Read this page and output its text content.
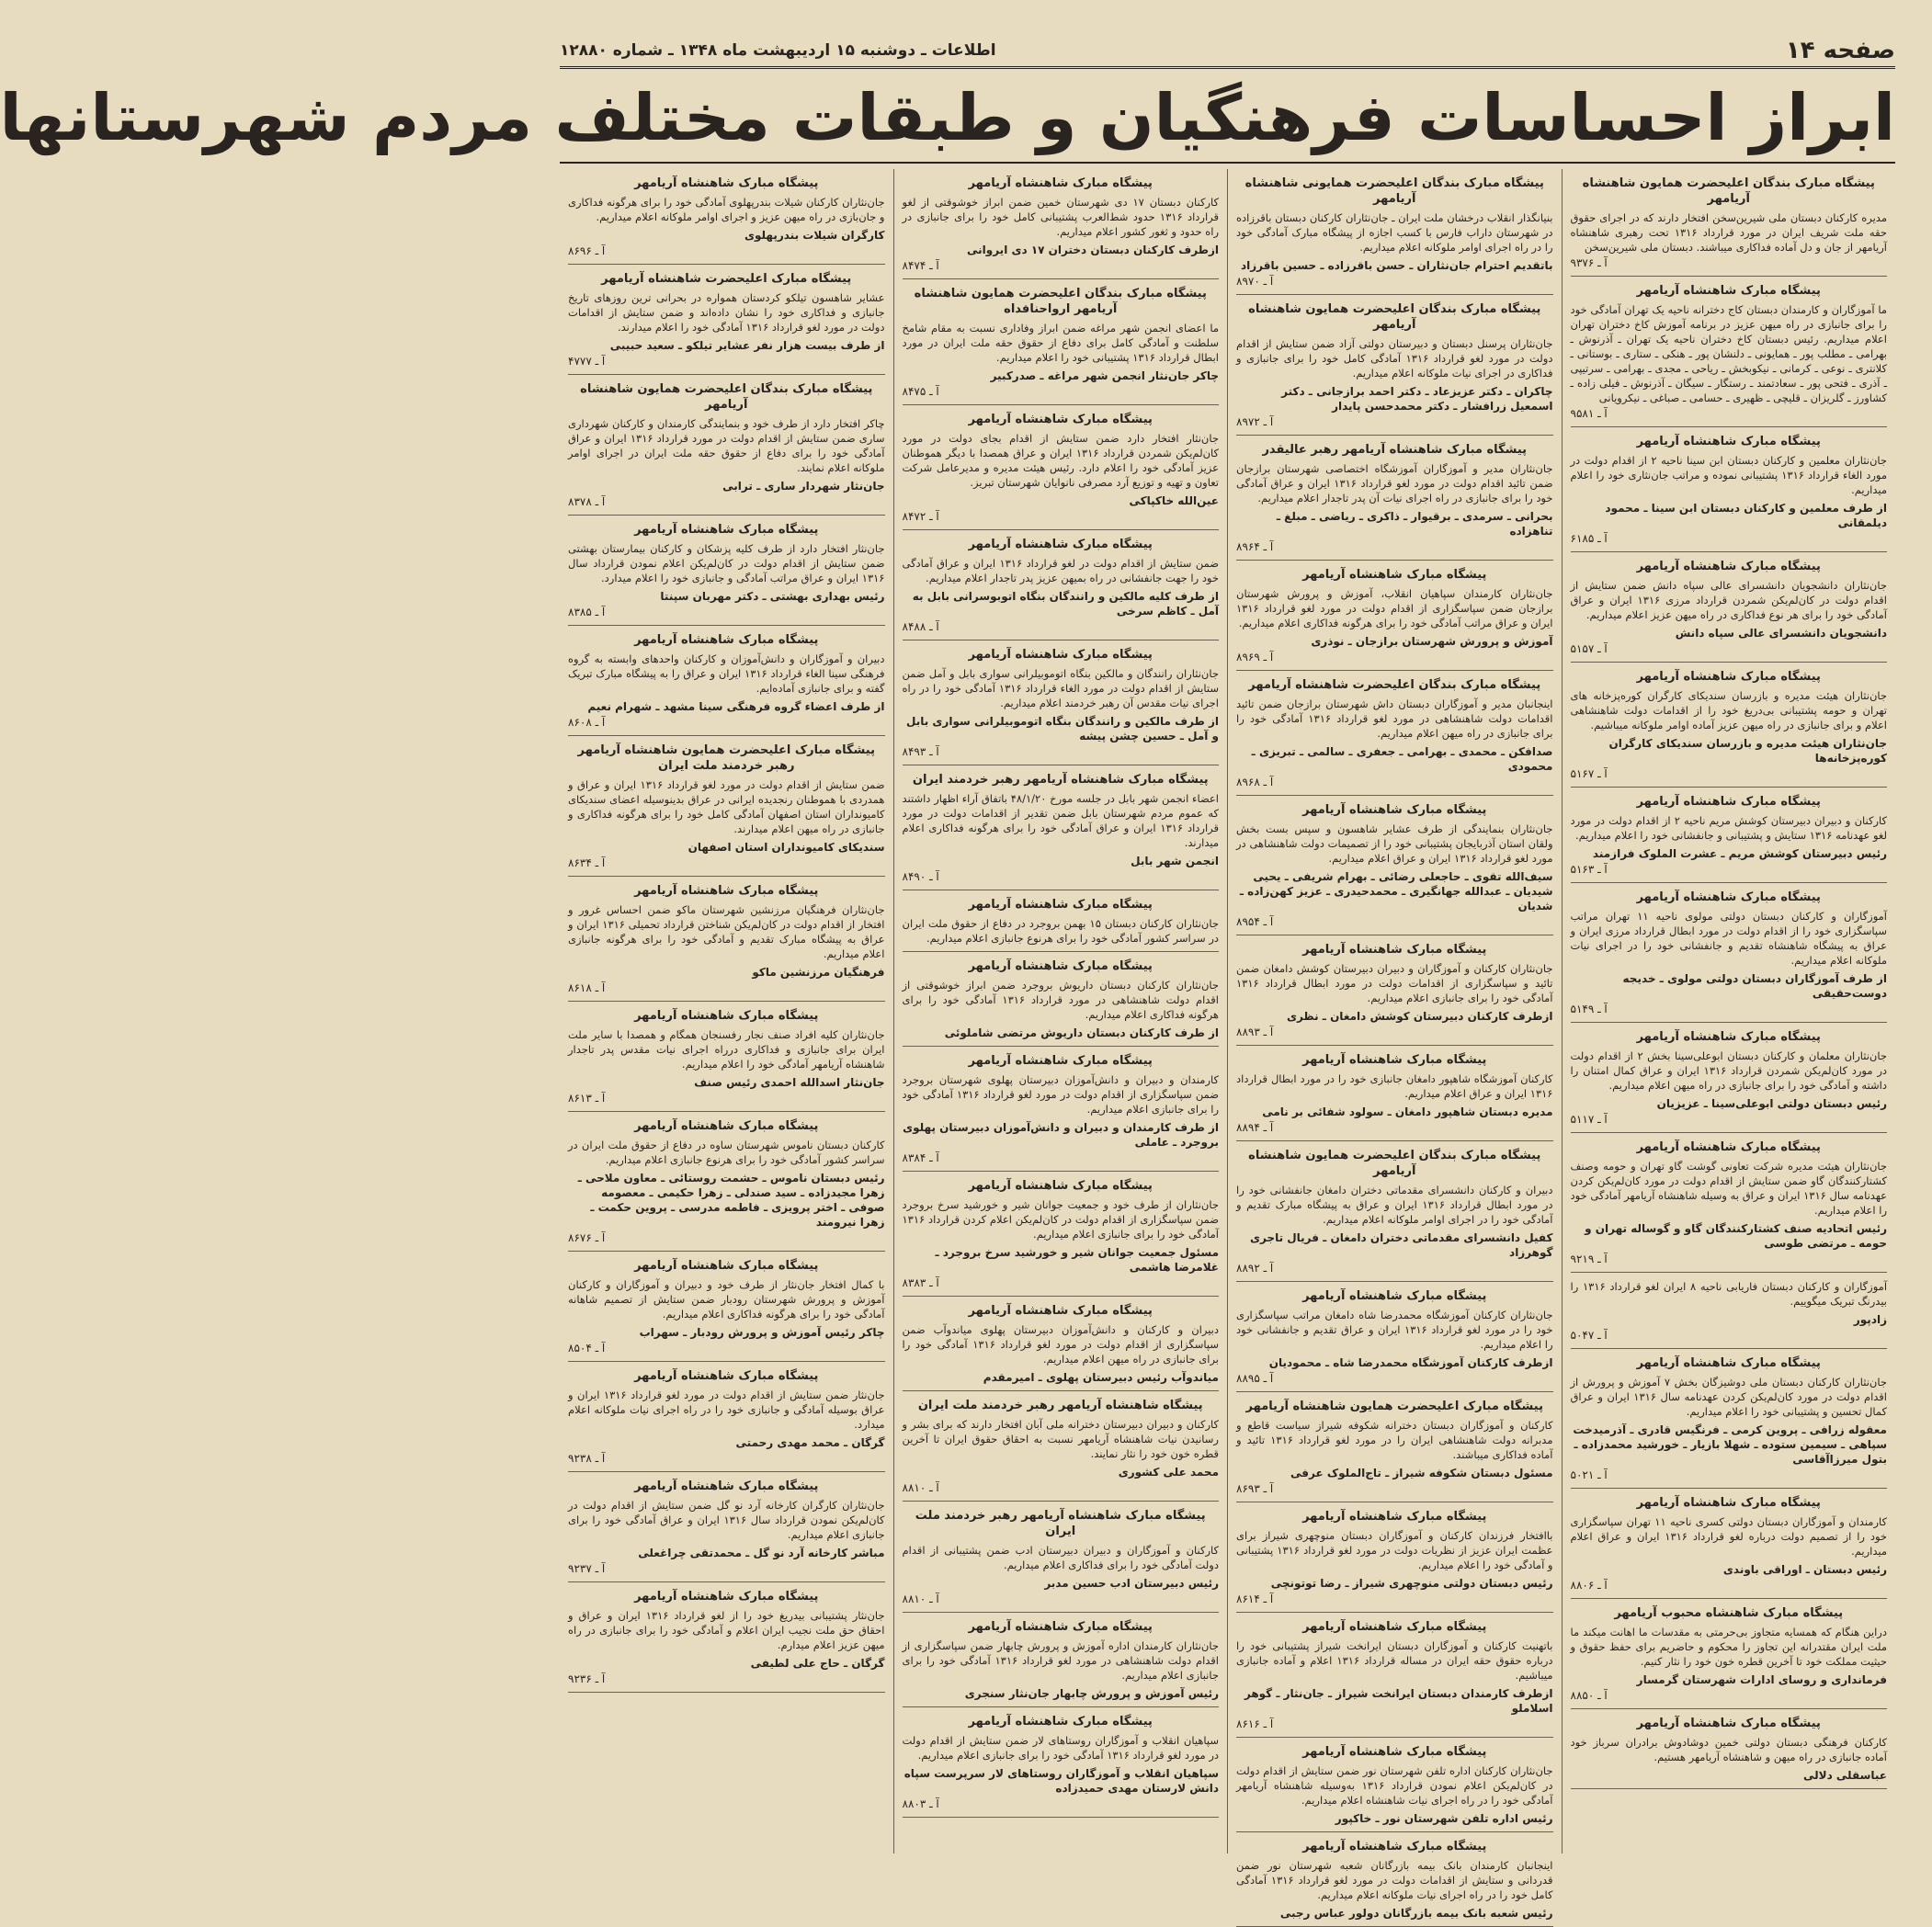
صفحه ۱۴
اطلاعات ـ دوشنبه ۱۵ اردیبهشت ماه ۱۳۴۸ ـ شماره ۱۲۸۸۰
ابراز احساسات فرهنگیان و طبقات مختلف مردم شهرستانها
پیشگاه مبارک بندگان اعلیحضرت همایون شاهنشاه آریامهر
مدیره کارکنان دبستان ملی شیرین‌سخن افتخار دارند که در اجرای حقوق حقه ملت شریف ایران در مورد قرارداد ۱۳۱۶ تحت رهبری شاهنشاه آریامهر از جان و دل آماده فداکاری میباشند. دبستان ملی شیرین‌سخن
آ ـ ۹۳۷۶
پیشگاه مبارک شاهنشاه آریامهر
ما آموزگاران و کارمندان دبستان کاج دخترانه ناحیه یک تهران آمادگی خود را برای جانبازی در راه میهن عزیز در برنامه آموزش کاخ دختران تهران اعلام میداریم. رئیس دبستان کاخ دختران ناحیه یک تهران ـ آذرنوش ـ بهرامی ـ مطلب پور ـ همایونی ـ دلنشان پور ـ هنکی ـ ستاری ـ بوستانی ـ کلانتری ـ نوعی ـ کرمانی ـ نیکوبخش ـ ریاحی ـ مجدی ـ بهرامی ـ سرتیپی ـ آذری ـ فتحی پور ـ سعادتمند ـ رستگار ـ سیگان ـ آذرنوش ـ فیلی زاده ـ کشاورز ـ گلریزان ـ قلیچی ـ ظهیری ـ حسامی ـ صباغی ـ نیکرویانی
آ ـ ۹۵۸۱
پیشگاه مبارک شاهنشاه آریامهر
جان‌نثاران معلمین و کارکنان دبستان ابن سینا ناحیه ۲ از اقدام دولت در مورد الغاء قرارداد ۱۳۱۶ پشتیبانی نموده و مراتب جان‌نثاری خود را اعلام میداریم.
از طرف معلمین و کارکنان دبستان ابن سینا ـ محمود دیلمقانی
آ ـ ۶۱۸۵
پیشگاه مبارک شاهنشاه آریامهر
جان‌نثاران دانشجویان دانشسرای عالی سپاه دانش ضمن ستایش از اقدام دولت در کان‌لم‌یکن شمردن قرارداد مرزی ۱۳۱۶ ایران و عراق آمادگی خود را برای هر نوع فداکاری در راه میهن عزیز اعلام میداریم.
دانشجویان دانشسرای عالی سپاه دانش
آ ـ ۵۱۵۷
پیشگاه مبارک شاهنشاه آریامهر
جان‌نثاران هیئت مدیره و بازرسان سندیکای کارگران کوره‌پزخانه های تهران و حومه پشتیبانی بی‌دریغ خود را از اقدامات دولت شاهنشاهی اعلام و برای جانبازی در راه میهن عزیز آماده اوامر ملوکانه میباشیم.
جان‌نثاران هیئت مدیره و بازرسان سندیکای کارگران کوره‌پزخانه‌ها
آ ـ ۵۱۶۷
پیشگاه مبارک شاهنشاه آریامهر
کارکنان و دبیران دبیرستان کوشش مریم ناحیه ۲ از اقدام دولت در مورد لغو عهدنامه ۱۳۱۶ ستایش و پشتیبانی و جانفشانی خود را اعلام میداریم.
رئیس دبیرستان کوشش مریم ـ عشرت الملوک فرازمند
آ ـ ۵۱۶۳
پیشگاه مبارک شاهنشاه آریامهر
آموزگاران و کارکنان دبستان دولتی مولوی ناحیه ۱۱ تهران مراتب سپاسگزاری خود را از اقدام دولت در مورد ابطال قرارداد مرزی ایران و عراق به پیشگاه شاهنشاه تقدیم و جانفشانی خود را در اجرای نیات ملوکانه اعلام میداریم.
از طرف آموزگاران دبستان دولتی مولوی ـ خدیجه دوست‌حقیقی
آ ـ ۵۱۴۹
پیشگاه مبارک شاهنشاه آریامهر
جان‌نثاران معلمان و کارکنان دبستان ابوعلی‌سینا بخش ۲ از اقدام دولت در مورد کان‌لم‌یکن شمردن قرارداد ۱۳۱۶ ایران و عراق کمال امتنان را داشته و آمادگی خود را برای جانبازی در راه میهن اعلام میداریم.
رئیس دبستان دولتی ابوعلی‌سینا ـ عزیزیان
آ ـ ۵۱۱۷
پیشگاه مبارک شاهنشاه آریامهر
جان‌نثاران هیئت مدیره شرکت تعاونی گوشت گاو تهران و حومه وصنف کشتارکنندگان گاو ضمن ستایش از اقدام دولت در مورد کان‌لم‌یکن کردن عهدنامه سال ۱۳۱۶ ایران و عراق به وسیله شاهنشاه آریامهر آمادگی خود را اعلام میداریم.
رئیس اتحادیه صنف کشتارکنندگان گاو و گوساله تهران و حومه ـ مرتضی طوسی
آ ـ ۹۲۱۹
آموزگاران و کارکنان دبستان فاریابی ناحیه ۸ ایران لغو قرارداد ۱۳۱۶ را بیدرنگ تبریک میگوییم.
زادپور
آ ـ ۵۰۴۷
پیشگاه مبارک شاهنشاه آریامهر
جان‌نثاران کارکنان دبستان ملی دوشیزگان بخش ۷ آموزش و پرورش از اقدام دولت در مورد کان‌لم‌یکن کردن عهدنامه سال ۱۳۱۶ ایران و عراق کمال تحسین و پشتیبانی خود را اعلام میداریم.
معقوله زرافی ـ پروین کرمی ـ فرنگیس قادری ـ آذرمیدخت سپاهی ـ سیمین ستوده ـ شهلا بازیار ـ خورشید محمدزاده ـ بتول میرزاآقاسی
آ ـ ۵۰۲۱
پیشگاه مبارک شاهنشاه آریامهر
کارمندان و آموزگاران دبستان دولتی کسری ناحیه ۱۱ تهران سپاسگزاری خود را از تصمیم دولت درباره لغو قرارداد ۱۳۱۶ ایران و عراق اعلام میداریم.
رئیس دبستان ـ اوراقی باوندی
آ ـ ۸۸۰۶
پیشگاه مبارک شاهنشاه محبوب آریامهر
دراین هنگام که همسایه متجاوز بی‌حرمتی به مقدسات ما اهانت میکند ما ملت ایران مقتدرانه این تجاوز را محکوم و حاضریم برای حفظ حقوق و حیثیت مملکت خود تا آخرین قطره خون خود را نثار کنیم.
فرمانداری و روسای ادارات شهرستان گرمسار
آ ـ ۸۸۵۰
پیشگاه مبارک شاهنشاه آریامهر
کارکنان فرهنگی دبستان دولتی خمین دوشادوش برادران سرباز خود آماده جانبازی در راه میهن و شاهنشاه آریامهر هستیم.
عباسقلی دلالی
پیشگاه مبارک بندگان اعلیحضرت همایونی شاهنشاه آریامهر
بنیانگذار انقلاب درخشان ملت ایران ـ جان‌نثاران کارکنان دبستان باقرزاده در شهرستان داراب فارس با کسب اجازه از پیشگاه مبارک آمادگی خود را در راه اجرای اوامر ملوکانه اعلام میداریم.
باتقدیم احترام جان‌نثاران ـ حسن باقرزاده ـ حسین باقرزاد
آ ـ ۸۹۷۰
پیشگاه مبارک بندگان اعلیحضرت همایون شاهنشاه آریامهر
جان‌نثاران پرسنل دبستان و دبیرستان دولتی آزاد ضمن ستایش از اقدام دولت در مورد لغو قرارداد ۱۳۱۶ آمادگی کامل خود را برای جانبازی و فداکاری در اجرای نیات ملوکانه اعلام میداریم.
چاکران ـ دکتر عزیزعاد ـ دکتر احمد برازجانی ـ دکتر اسمعیل زرافشار ـ دکتر محمدحسن پایدار
آ ـ ۸۹۷۲
پیشگاه مبارک شاهنشاه آریامهر رهبر عالیقدر
جان‌نثاران مدیر و آموزگاران آموزشگاه اختصاصی شهرستان برازجان ضمن تائید اقدام دولت در مورد لغو قرارداد ۱۳۱۶ ایران و عراق آمادگی خود را برای جانبازی در راه اجرای نیات آن پدر تاجدار اعلام میداریم.
بحرانی ـ سرمدی ـ برقیوار ـ ذاکری ـ ریاضی ـ مبلغ ـ تناهزاده
آ ـ ۸۹۶۴
پیشگاه مبارک شاهنشاه آریامهر
جان‌نثاران کارمندان سپاهیان انقلاب، آموزش و پرورش شهرستان برازجان ضمن سپاسگزاری از اقدام دولت در مورد لغو قرارداد ۱۳۱۶ ایران و عراق مراتب آمادگی خود را برای هرگونه فداکاری اعلام میداریم.
آموزش و پرورش شهرستان برازجان ـ نوذری
آ ـ ۸۹۶۹
پیشگاه مبارک بندگان اعلیحضرت شاهنشاه آریامهر
اینجانبان مدیر و آموزگاران دبستان داش شهرستان برازجان ضمن تائید اقدامات دولت شاهنشاهی در مورد لغو قرارداد ۱۳۱۶ آمادگی خود را برای جانبازی در راه میهن اعلام میداریم.
صدافکن ـ محمدی ـ بهرامی ـ جعفری ـ سالمی ـ تبریزی ـ محمودی
آ ـ ۸۹۶۸
پیشگاه مبارک شاهنشاه آریامهر
جان‌نثاران بنمایندگی از طرف عشایر شاهسون و سپس بست بخش ولقان استان آذربایجان پشتیبانی خود را از تصمیمات دولت شاهنشاهی در مورد لغو قرارداد ۱۳۱۶ ایران و عراق اعلام میداریم.
سیف‌الله تقوی ـ حاجعلی رضائی ـ بهرام شریفی ـ یحیی شیدیان ـ عبدالله جهانگیری ـ محمدحیدری ـ عزیز کهن‌زاده ـ شدیان
آ ـ ۸۹۵۴
پیشگاه مبارک شاهنشاه آریامهر
جان‌نثاران کارکنان و آموزگاران و دبیران دبیرستان کوشش دامغان ضمن تائید و سپاسگزاری از اقدامات دولت در مورد ابطال قرارداد ۱۳۱۶ آمادگی خود را برای جانبازی اعلام میداریم.
ازطرف کارکنان دبیرستان کوشش دامغان ـ نظری
آ ـ ۸۸۹۳
پیشگاه مبارک شاهنشاه آریامهر
کارکنان آموزشگاه شاهپور دامغان جانبازی خود را در مورد ابطال قرارداد ۱۳۱۶ ایران و عراق اعلام میداریم.
مدیره دبستان شاهپور دامغان ـ سولود شفائی بر نامی
آ ـ ۸۸۹۴
پیشگاه مبارک بندگان اعلیحضرت همایون شاهنشاه آریامهر
دبیران و کارکنان دانشسرای مقدماتی دختران دامغان جانفشانی خود را در مورد ابطال قرارداد ۱۳۱۶ ایران و عراق به پیشگاه مبارک تقدیم و آمادگی خود را در اجرای اوامر ملوکانه اعلام میداریم.
کفیل دانشسرای مقدماتی دختران دامغان ـ فریال تاجری گوهرزاد
آ ـ ۸۸۹۲
پیشگاه مبارک شاهنشاه آریامهر
جان‌نثاران کارکنان آموزشگاه محمدرضا شاه دامغان مراتب سپاسگزاری خود را در مورد لغو قرارداد ۱۳۱۶ ایران و عراق تقدیم و جانفشانی خود را اعلام میداریم.
ازطرف کارکنان آموزشگاه محمدرضا شاه ـ محمودیان
آ ـ ۸۸۹۵
پیشگاه مبارک اعلیحضرت همایون شاهنشاه آریامهر
کارکنان و آموزگاران دبستان دخترانه شکوفه شیراز سیاست قاطع و مدبرانه دولت شاهنشاهی ایران را در مورد لغو قرارداد ۱۳۱۶ تائید و آماده فداکاری میباشند.
مسئول دبستان شکوفه شیراز ـ تاج‌الملوک عرفی
آ ـ ۸۶۹۳
پیشگاه مبارک شاهنشاه آریامهر
باافتخار فرزندان کارکنان و آموزگاران دبستان منوچهری شیراز برای عظمت ایران عزیز از نظریات دولت در مورد لغو قرارداد ۱۳۱۶ پشتیبانی و آمادگی خود را اعلام میداریم.
رئیس دبستان دولتی منوچهری شیراز ـ رضا توتونچی
آ ـ ۸۶۱۴
پیشگاه مبارک شاهنشاه آریامهر
باتهنیت کارکنان و آموزگاران دبستان ایرانخت شیراز پشتیبانی خود را درباره حقوق حقه ایران در مساله قرارداد ۱۳۱۶ اعلام و آماده جانبازی میباشیم.
ازطرف کارمندان دبستان ایرانخت شیراز ـ جان‌نثار ـ گوهر اسلاملو
آ ـ ۸۶۱۶
پیشگاه مبارک شاهنشاه آریامهر
جان‌نثاران کارکنان اداره تلفن شهرستان نور ضمن ستایش از اقدام دولت در کان‌لم‌یکن اعلام نمودن قرارداد ۱۳۱۶ به‌وسیله شاهنشاه آریامهر آمادگی خود را در راه اجرای نیات شاهنشاه اعلام میداریم.
رئیس اداره تلفن شهرستان نور ـ خاکپور
پیشگاه مبارک شاهنشاه آریامهر
اینجانبان کارمندان بانک بیمه بازرگانان شعبه شهرستان نور ضمن قدردانی و ستایش از اقدامات دولت در مورد لغو قرارداد ۱۳۱۶ آمادگی کامل خود را در راه اجرای نیات ملوکانه اعلام میداریم.
رئیس شعبه بانک بیمه بازرگانان دولور عباس رجبی
پیشگاه مبارک شاهنشاه آریامهر
کارکنان دبستان ۱۷ دی شهرستان خمین ضمن ابراز خوشوقتی از لغو قرارداد ۱۳۱۶ حدود شط‌العرب پشتیبانی کامل خود را برای جانبازی در راه حدود و ثغور کشور اعلام میداریم.
ازطرف کارکنان دبستان دختران ۱۷ دی ایروانی
آ ـ ۸۴۷۴
پیشگاه مبارک بندگان اعلیحضرت همایون شاهنشاه آریامهر ارواحنافداه
ما اعضای انجمن شهر مراغه ضمن ابراز وفاداری نسبت به مقام شامخ سلطنت و آمادگی کامل برای دفاع از حقوق حقه ملت ایران در مورد ابطال قرارداد ۱۳۱۶ پشتیبانی خود را اعلام میداریم.
چاکر جان‌نثار انجمن شهر مراغه ـ صدرکبیر
آ ـ ۸۴۷۵
پیشگاه مبارک شاهنشاه آریامهر
جان‌نثار افتخار دارد ضمن ستایش از اقدام بجای دولت در مورد کان‌لم‌یکن شمردن قرارداد ۱۳۱۶ ایران و عراق همصدا با دیگر هموطنان عزیز آمادگی خود را اعلام دارد. رئیس هیئت مدیره و مدیرعامل شرکت تعاون و تهیه و توزیع آرد مصرفی نانوایان شهرستان تبریز.
عین‌الله خاکپاکی
آ ـ ۸۴۷۲
پیشگاه مبارک شاهنشاه آریامهر
ضمن ستایش از اقدام دولت در لغو قرارداد ۱۳۱۶ ایران و عراق آمادگی خود را جهت جانفشانی در راه بمیهن عزیز پدر تاجدار اعلام میداریم.
از طرف کلیه مالکین و رانندگان بنگاه اتوبوسرانی بابل به آمل ـ کاظم سرخی
آ ـ ۸۴۸۸
پیشگاه مبارک شاهنشاه آریامهر
جان‌نثاران رانندگان و مالکین بنگاه اتوموبیلرانی سواری بابل و آمل ضمن ستایش از اقدام دولت در مورد الغاء قرارداد ۱۳۱۶ آمادگی خود را در راه اجرای نیات مقدس آن رهبر خردمند اعلام میداریم.
از طرف مالکین و رانندگان بنگاه اتوموبیلرانی سواری بابل و آمل ـ حسین چشن پیشه
آ ـ ۸۴۹۳
پیشگاه مبارک شاهنشاه آریامهر رهبر خردمند ایران
اعضاء انجمن شهر بابل در جلسه مورخ ۴۸/۱/۲۰ باتفاق آراء اظهار داشتند که عموم مردم شهرستان بابل ضمن تقدیر از اقدامات دولت در مورد قرارداد ۱۳۱۶ ایران و عراق آمادگی خود را برای هرگونه فداکاری اعلام میدارند.
انجمن شهر بابل
آ ـ ۸۴۹۰
پیشگاه مبارک شاهنشاه آریامهر
جان‌نثاران کارکنان دبستان ۱۵ بهمن بروجرد در دفاع از حقوق ملت ایران در سراسر کشور آمادگی خود را برای هرنوع جانبازی اعلام میداریم.
پیشگاه مبارک شاهنشاه آریامهر
جان‌نثاران کارکنان دبستان داریوش بروجرد ضمن ابراز خوشوقتی از اقدام دولت شاهنشاهی در مورد قرارداد ۱۳۱۶ آمادگی خود را برای هرگونه فداکاری اعلام میداریم.
از طرف کارکنان دبستان داریوش مرتضی شاملوئی
پیشگاه مبارک شاهنشاه آریامهر
کارمندان و دبیران و دانش‌آموزان دبیرستان پهلوی شهرستان بروجرد ضمن سپاسگزاری از اقدام دولت در مورد لغو قرارداد ۱۳۱۶ آمادگی خود را برای جانبازی اعلام میداریم.
از طرف کارمندان و دبیران و دانش‌آموزان دبیرستان پهلوی بروجرد ـ عاملی
آ ـ ۸۳۸۴
پیشگاه مبارک شاهنشاه آریامهر
جان‌نثاران از طرف خود و جمعیت جوانان شیر و خورشید سرخ بروجرد ضمن سپاسگزاری از اقدام دولت در کان‌لم‌یکن اعلام کردن قرارداد ۱۳۱۶ آمادگی خود را برای جانبازی اعلام میداریم.
مسئول جمعیت جوانان شیر و خورشید سرخ بروجرد ـ غلامرضا هاشمی
آ ـ ۸۳۸۳
پیشگاه مبارک شاهنشاه آریامهر
دبیران و کارکنان و دانش‌آموزان دبیرستان پهلوی میاندوآب ضمن سپاسگزاری از اقدام دولت در مورد لغو قرارداد ۱۳۱۶ آمادگی خود را برای جانبازی در راه میهن اعلام میداریم.
میاندوآب رئیس دبیرستان پهلوی ـ امیرمقدم
پیشگاه شاهنشاه آریامهر رهبر خردمند ملت ایران
کارکنان و دبیران دبیرستان دخترانه ملی آبان افتخار دارند که برای بشر و رسانیدن نیات شاهنشاه آریامهر نسبت به احقاق حقوق ایران تا آخرین قطره خون خود را نثار نمایند.
محمد علی کشوری
آ ـ ۸۸۱۰
پیشگاه مبارک شاهنشاه آریامهر رهبر خردمند ملت ایران
کارکنان و آموزگاران و دبیران دبیرستان ادب ضمن پشتیبانی از اقدام دولت آمادگی خود را برای فداکاری اعلام میداریم.
رئیس دبیرستان ادب حسین مدبر
آ ـ ۸۸۱۰
پیشگاه مبارک شاهنشاه آریامهر
جان‌نثاران کارمندان اداره آموزش و پرورش چابهار ضمن سپاسگزاری از اقدام دولت شاهنشاهی در مورد لغو قرارداد ۱۳۱۶ آمادگی خود را برای جانبازی اعلام میداریم.
رئیس آموزش و پرورش چابهار جان‌نثار سنجری
پیشگاه مبارک شاهنشاه آریامهر
سپاهیان انقلاب و آموزگاران روستاهای لار ضمن ستایش از اقدام دولت در مورد لغو قرارداد ۱۳۱۶ آمادگی خود را برای جانبازی اعلام میداریم.
سپاهیان انقلاب و آموزگاران روستاهای لار سرپرست سپاه دانش لارستان مهدی حمیدزاده
آ ـ ۸۸۰۳
پیشگاه مبارک شاهنشاه آریامهر
جان‌نثاران کارکنان شیلات بندرپهلوی آمادگی خود را برای هرگونه فداکاری و جان‌بازی در راه میهن عزیز و اجرای اوامر ملوکانه اعلام میداریم.
کارگران شیلات بندرپهلوی
آ ـ ۸۶۹۶
پیشگاه مبارک اعلیحضرت شاهنشاه آریامهر
عشایر شاهسون تیلکو کردستان همواره در بحرانی ترین روزهای تاریخ جانبازی و فداکاری خود را نشان داده‌اند و ضمن ستایش از اقدامات دولت در مورد لغو قرارداد ۱۳۱۶ آمادگی خود را اعلام میدارند.
از طرف بیست هزار نفر عشایر تیلکو ـ سعید حبیبی
آ ـ ۴۷۷۷
پیشگاه مبارک بندگان اعلیحضرت همایون شاهنشاه آریامهر
چاکر افتخار دارد از طرف خود و بنمایندگی کارمندان و کارکنان شهرداری ساری ضمن ستایش از اقدام دولت در مورد قرارداد ۱۳۱۶ ایران و عراق آمادگی خود را برای دفاع از حقوق حقه ملت ایران در اجرای اوامر ملوکانه اعلام نمایند.
جان‌نثار شهردار ساری ـ ترابی
آ ـ ۸۳۷۸
پیشگاه مبارک شاهنشاه آریامهر
جان‌نثار افتخار دارد از طرف کلیه پزشکان و کارکنان بیمارستان بهشتی ضمن ستایش از اقدام دولت در کان‌لم‌یکن اعلام نمودن قرارداد سال ۱۳۱۶ ایران و عراق مراتب آمادگی و جانبازی خود را اعلام میدارد.
رئیس بهداری بهشتی ـ دکتر مهربان سپنتا
آ ـ ۸۳۸۵
پیشگاه مبارک شاهنشاه آریامهر
دبیران و آموزگاران و دانش‌آموزان و کارکنان واحدهای وابسته به گروه فرهنگی سینا الغاء قرارداد ۱۳۱۶ ایران و عراق را به پیشگاه مبارک تبریک گفته و برای جانبازی آماده‌ایم.
از طرف اعضاء گروه فرهنگی سینا مشهد ـ شهرام نعیم
آ ـ ۸۶۰۸
پیشگاه مبارک اعلیحضرت همایون شاهنشاه آریامهر رهبر خردمند ملت ایران
ضمن ستایش از اقدام دولت در مورد لغو قرارداد ۱۳۱۶ ایران و عراق و همدردی با هموطنان رنجدیده ایرانی در عراق بدینوسیله اعضای سندیکای کامیونداران استان اصفهان آمادگی کامل خود را برای هرگونه فداکاری و جانبازی در راه میهن اعلام میدارند.
سندیکای کامیونداران استان اصفهان
آ ـ ۸۶۳۴
پیشگاه مبارک شاهنشاه آریامهر
جان‌نثاران فرهنگیان مرزنشین شهرستان ماکو ضمن احساس غرور و افتخار از اقدام دولت در کان‌لم‌یکن شناختن قرارداد تحمیلی ۱۳۱۶ ایران و عراق به پیشگاه مبارک تقدیم و آمادگی خود را برای هرگونه جانبازی اعلام میداریم.
فرهنگیان مرزنشین ماکو
آ ـ ۸۶۱۸
پیشگاه مبارک شاهنشاه آریامهر
جان‌نثاران کلیه افراد صنف نجار رفسنجان همگام و همصدا با سایر ملت ایران برای جانبازی و فداکاری درراه اجرای نیات مقدس پدر تاجدار شاهنشاه آریامهر آمادگی خود را اعلام میداریم.
جان‌نثار اسدالله احمدی رئیس صنف
آ ـ ۸۶۱۳
پیشگاه مبارک شاهنشاه آریامهر
کارکنان دبستان ناموس شهرستان ساوه در دفاع از حقوق ملت ایران در سراسر کشور آمادگی خود را برای هرنوع جانبازی اعلام میداریم.
رئیس دبستان ناموس ـ حشمت روستائی ـ معاون ملاحی ـ زهرا مجیدزاده ـ سید صندلی ـ زهرا حکیمی ـ معصومه صوفی ـ اختر پرویزی ـ فاطمه مدرسی ـ پروین حکمت ـ زهرا نیرومند
آ ـ ۸۶۷۶
پیشگاه مبارک شاهنشاه آریامهر
با کمال افتخار جان‌نثار از طرف خود و دبیران و آموزگاران و کارکنان آموزش و پرورش شهرستان رودبار ضمن ستایش از تصمیم شاهانه آمادگی خود را برای هرگونه فداکاری اعلام میداریم.
چاکر رئیس آموزش و پرورش رودبار ـ سهراب
آ ـ ۸۵۰۴
پیشگاه مبارک شاهنشاه آریامهر
جان‌نثار ضمن ستایش از اقدام دولت در مورد لغو قرارداد ۱۳۱۶ ایران و عراق بوسیله آمادگی و جانبازی خود را در راه اجرای نیات ملوکانه اعلام میدارد.
گرگان ـ محمد مهدی رحمتی
آ ـ ۹۲۳۸
پیشگاه مبارک شاهنشاه آریامهر
جان‌نثاران کارگران کارخانه آرد نو گل ضمن ستایش از اقدام دولت در کان‌لم‌یکن نمودن قرارداد سال ۱۳۱۶ ایران و عراق آمادگی خود را برای جانبازی اعلام میداریم.
مباشر کارخانه آرد نو گل ـ محمدتقی چراغعلی
آ ـ ۹۲۳۷
پیشگاه مبارک شاهنشاه آریامهر
جان‌نثار پشتیبانی بیدریغ خود را از لغو قرارداد ۱۳۱۶ ایران و عراق و احقاق حق ملت نجیب ایران اعلام و آمادگی خود را برای جانبازی در راه میهن عزیز اعلام میدارم.
گرگان ـ حاج علی لطیفی
آ ـ ۹۲۳۶
